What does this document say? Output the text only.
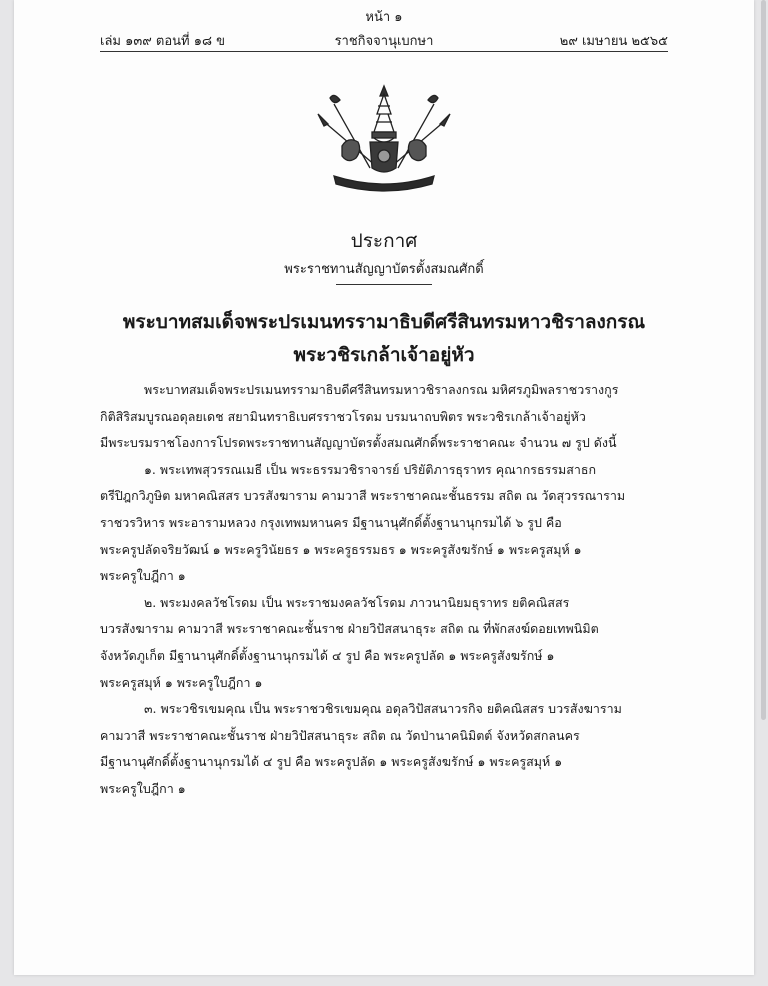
หน้า ๑
เล่ม ๑๓๙ ตอนที่ ๑๘ ข	ราชกิจจานุเบกษา	๒๙ เมษายน ๒๕๖๕
ประกาศ
พระราชทานสัญญาบัตรตั้งสมณศักดิ์
พระบาทสมเด็จพระปรเมนทรรามาธิบดีศรีสินทรมหาวชิราลงกรณ
พระวชิรเกล้าเจ้าอยู่หัว

พระบาทสมเด็จพระปรเมนทรรามาธิบดีศรีสินทรมหาวชิราลงกรณ มหิศรภูมิพลราชวรางกูร

กิติสิริสมบูรณอดุลยเดช สยามินทราธิเบศรราชวโรดม บรมนาถบพิตร พระวชิรเกล้าเจ้าอยู่หัว

มีพระบรมราชโองการโปรดพระราชทานสัญญาบัตรตั้งสมณศักดิ์พระราชาคณะ จำนวน ๗ รูป ดังนี้

๑. พระเทพสุวรรณเมธี เป็น พระธรรมวชิราจารย์ ปริยัติภารธุราทร คุณากรธรรมสาธก

ตรีปิฎกวิภูษิต มหาคณิสสร บวรสังฆาราม คามวาสี พระราชาคณะชั้นธรรม สถิต ณ วัดสุวรรณาราม

ราชวรวิหาร พระอารามหลวง กรุงเทพมหานคร มีฐานานุศักดิ์ตั้งฐานานุกรมได้ ๖ รูป คือ

พระครูปลัดจริยวัฒน์ ๑ พระครูวินัยธร ๑ พระครูธรรมธร ๑ พระครูสังฆรักษ์ ๑ พระครูสมุห์ ๑

พระครูใบฎีกา ๑

๒. พระมงคลวัชโรดม เป็น พระราชมงคลวัชโรดม ภาวนานิยมธุราทร ยติคณิสสร

บวรสังฆาราม คามวาสี พระราชาคณะชั้นราช ฝ่ายวิปัสสนาธุระ สถิต ณ ที่พักสงฆ์ดอยเทพนิมิต

จังหวัดภูเก็ต มีฐานานุศักดิ์ตั้งฐานานุกรมได้ ๔ รูป คือ พระครูปลัด ๑ พระครูสังฆรักษ์ ๑

พระครูสมุห์ ๑ พระครูใบฎีกา ๑

๓. พระวชิรเขมคุณ เป็น พระราชวชิรเขมคุณ อดุลวิปัสสนาวรกิจ ยติคณิสสร บวรสังฆาราม

คามวาสี พระราชาคณะชั้นราช ฝ่ายวิปัสสนาธุระ สถิต ณ วัดป่านาคนิมิตต์ จังหวัดสกลนคร

มีฐานานุศักดิ์ตั้งฐานานุกรมได้ ๔ รูป คือ พระครูปลัด ๑ พระครูสังฆรักษ์ ๑ พระครูสมุห์ ๑

พระครูใบฎีกา ๑
